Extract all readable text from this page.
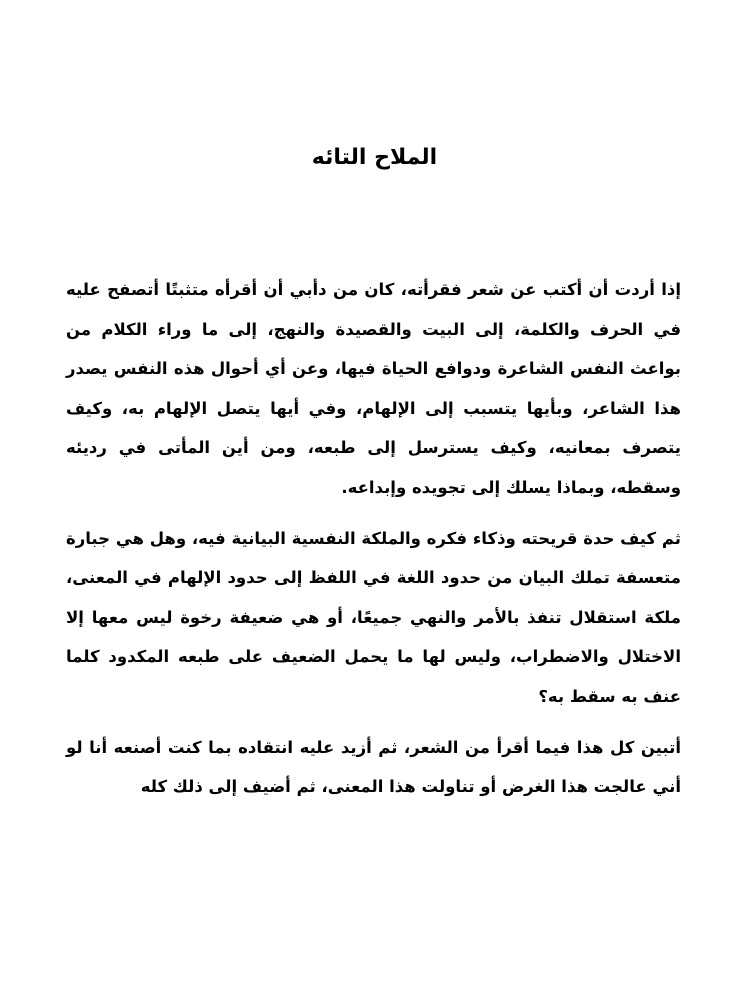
الملاح التائه

إذا أردت أن أكتب عن شعر فقرأته، كان من دأبي أن أقرأه متثبتًا أتصفح عليه في الحرف والكلمة، إلى البيت والقصيدة والنهج، إلى ما وراء الكلام من بواعث النفس الشاعرة ودوافع الحياة فيها، وعن أي أحوال هذه النفس يصدر هذا الشاعر، وبأيها يتسبب إلى الإلهام، وفي أيها يتصل الإلهام به، وكيف يتصرف بمعانيه، وكيف يسترسل إلى طبعه، ومن أين المأتى في رديئه وسقطه، وبماذا يسلك إلى تجويده وإبداعه.

ثم كيف حدة قريحته وذكاء فكره والملكة النفسية البيانية فيه، وهل هي جبارة متعسفة تملك البيان من حدود اللغة في اللفظ إلى حدود الإلهام في المعنى، ملكة استقلال تنفذ بالأمر والنهي جميعًا، أو هي ضعيفة رخوة ليس معها إلا الاختلال والاضطراب، وليس لها ما يحمل الضعيف على طبعه المكدود كلما عنف به سقط به؟

أتبين كل هذا فيما أقرأ من الشعر، ثم أزيد عليه انتقاده بما كنت أصنعه أنا لو أني عالجت هذا الغرض أو تناولت هذا المعنى، ثم أضيف إلى ذلك كله
